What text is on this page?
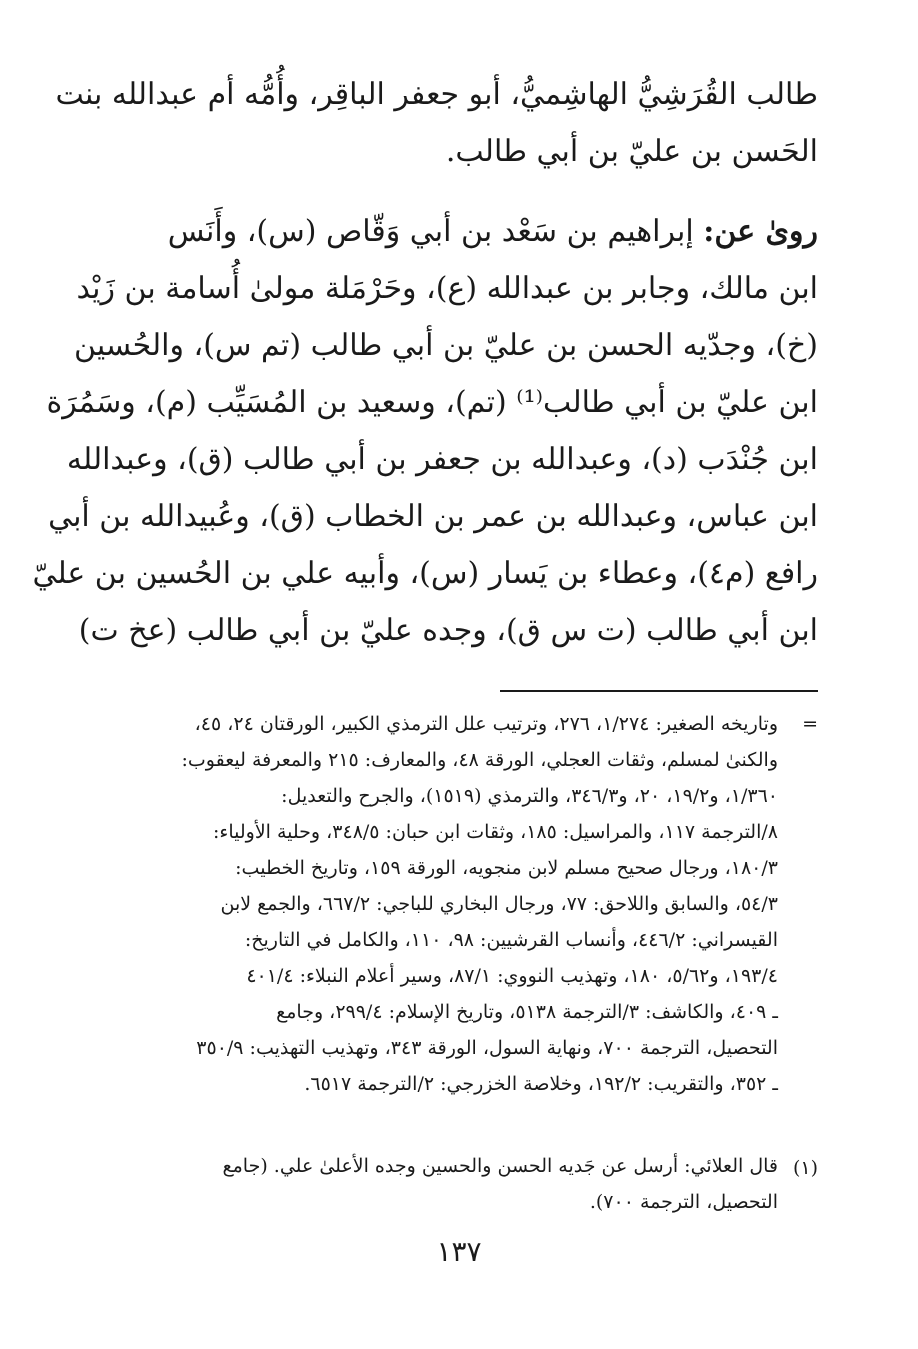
طالب القُرَشِيُّ الهاشِميُّ، أبو جعفر الباقِر، وأُمُّه أم عبدالله بنت
الحَسن بن عليّ بن أبي طالب.
روىٰ عن: إبراهيم بن سَعْد بن أبي وَقّاص (س)، وأَنَس
ابن مالك، وجابر بن عبدالله (ع)، وحَرْمَلة مولىٰ أُسامة بن زَيْد
(خ)، وجدّيه الحسن بن عليّ بن أبي طالب (تم س)، والحُسين
ابن عليّ بن أبي طالب⁽¹⁾ (تم)، وسعيد بن المُسَيِّب (م)، وسَمُرَة
ابن جُنْدَب (د)، وعبدالله بن جعفر بن أبي طالب (ق)، وعبدالله
ابن عباس، وعبدالله بن عمر بن الخطاب (ق)، وعُبيدالله بن أبي
رافع (م٤)، وعطاء بن يَسار (س)، وأبيه علي بن الحُسين بن عليّ
ابن أبي طالب (ت س ق)، وجده عليّ بن أبي طالب (عخ ت)
=
وتاريخه الصغير: ١/٢٧٤، ٢٧٦، وترتيب علل الترمذي الكبير، الورقتان ٢٤، ٤٥،
والكنىٰ لمسلم، وثقات العجلي، الورقة ٤٨، والمعارف: ٢١٥ والمعرفة ليعقوب:
١/٣٦٠، و١٩/٢، ٢٠، و٣٤٦/٣، والترمذي (١٥١٩)، والجرح والتعديل:
٨/الترجمة ١١٧، والمراسيل: ١٨٥، وثقات ابن حبان: ٣٤٨/٥، وحلية الأولياء:
١٨٠/٣، ورجال صحيح مسلم لابن منجويه، الورقة ١٥٩، وتاريخ الخطيب:
٥٤/٣، والسابق واللاحق: ٧٧، ورجال البخاري للباجي: ٦٦٧/٢، والجمع لابن
القيسراني: ٤٤٦/٢، وأنساب القرشيين: ٩٨، ١١٠، والكامل في التاريخ:
١٩٣/٤، و٥/٦٢، ١٨٠، وتهذيب النووي: ٨٧/١، وسير أعلام النبلاء: ٤٠١/٤
ـ ٤٠٩، والكاشف: ٣/الترجمة ٥١٣٨، وتاريخ الإسلام: ٢٩٩/٤، وجامع
التحصيل، الترجمة ٧٠٠، ونهاية السول، الورقة ٣٤٣، وتهذيب التهذيب: ٣٥٠/٩
ـ ٣٥٢، والتقريب: ١٩٢/٢، وخلاصة الخزرجي: ٢/الترجمة ٦٥١٧.
(١)
قال العلائي: أرسل عن جَديه الحسن والحسين وجده الأعلىٰ علي. (جامع
التحصيل، الترجمة ٧٠٠).
١٣٧
